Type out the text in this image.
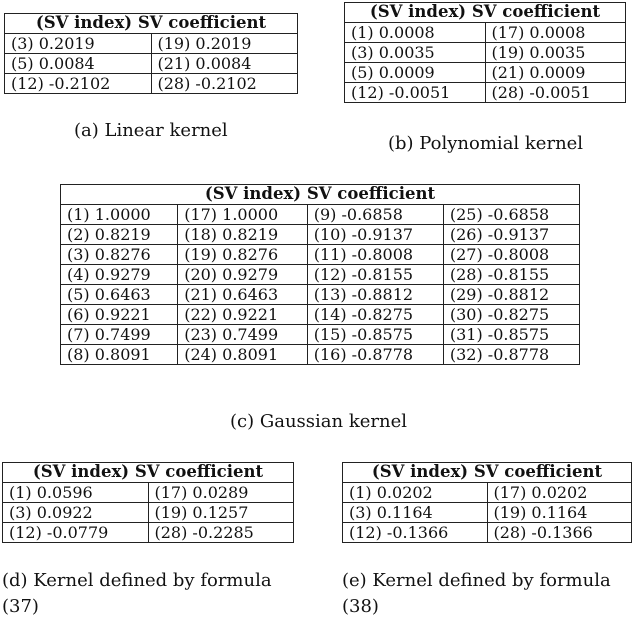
(SV index) SV coefficient	
(3) 0.2019	(19) 0.2019
(5) 0.0084	(21) 0.0084
(12) -0.2102	(28) -0.2102
(a) Linear kernel
(SV index) SV coefficient	
(1) 0.0008	(17) 0.0008
(3) 0.0035	(19) 0.0035
(5) 0.0009	(21) 0.0009
(12) -0.0051	(28) -0.0051
(b) Polynomial kernel
(SV index) SV coefficient			
(1) 1.0000	(17) 1.0000	(9) -0.6858	(25) -0.6858
(2) 0.8219	(18) 0.8219	(10) -0.9137	(26) -0.9137
(3) 0.8276	(19) 0.8276	(11) -0.8008	(27) -0.8008
(4) 0.9279	(20) 0.9279	(12) -0.8155	(28) -0.8155
(5) 0.6463	(21) 0.6463	(13) -0.8812	(29) -0.8812
(6) 0.9221	(22) 0.9221	(14) -0.8275	(30) -0.8275
(7) 0.7499	(23) 0.7499	(15) -0.8575	(31) -0.8575
(8) 0.8091	(24) 0.8091	(16) -0.8778	(32) -0.8778
(c) Gaussian kernel
(SV index) SV coefficient	
(1) 0.0596	(17) 0.0289
(3) 0.0922	(19) 0.1257
(12) -0.0779	(28) -0.2285
(d) Kernel defined by formula
(37)
(SV index) SV coefficient	
(1) 0.0202	(17) 0.0202
(3) 0.1164	(19) 0.1164
(12) -0.1366	(28) -0.1366
(e) Kernel defined by formula
(38)
